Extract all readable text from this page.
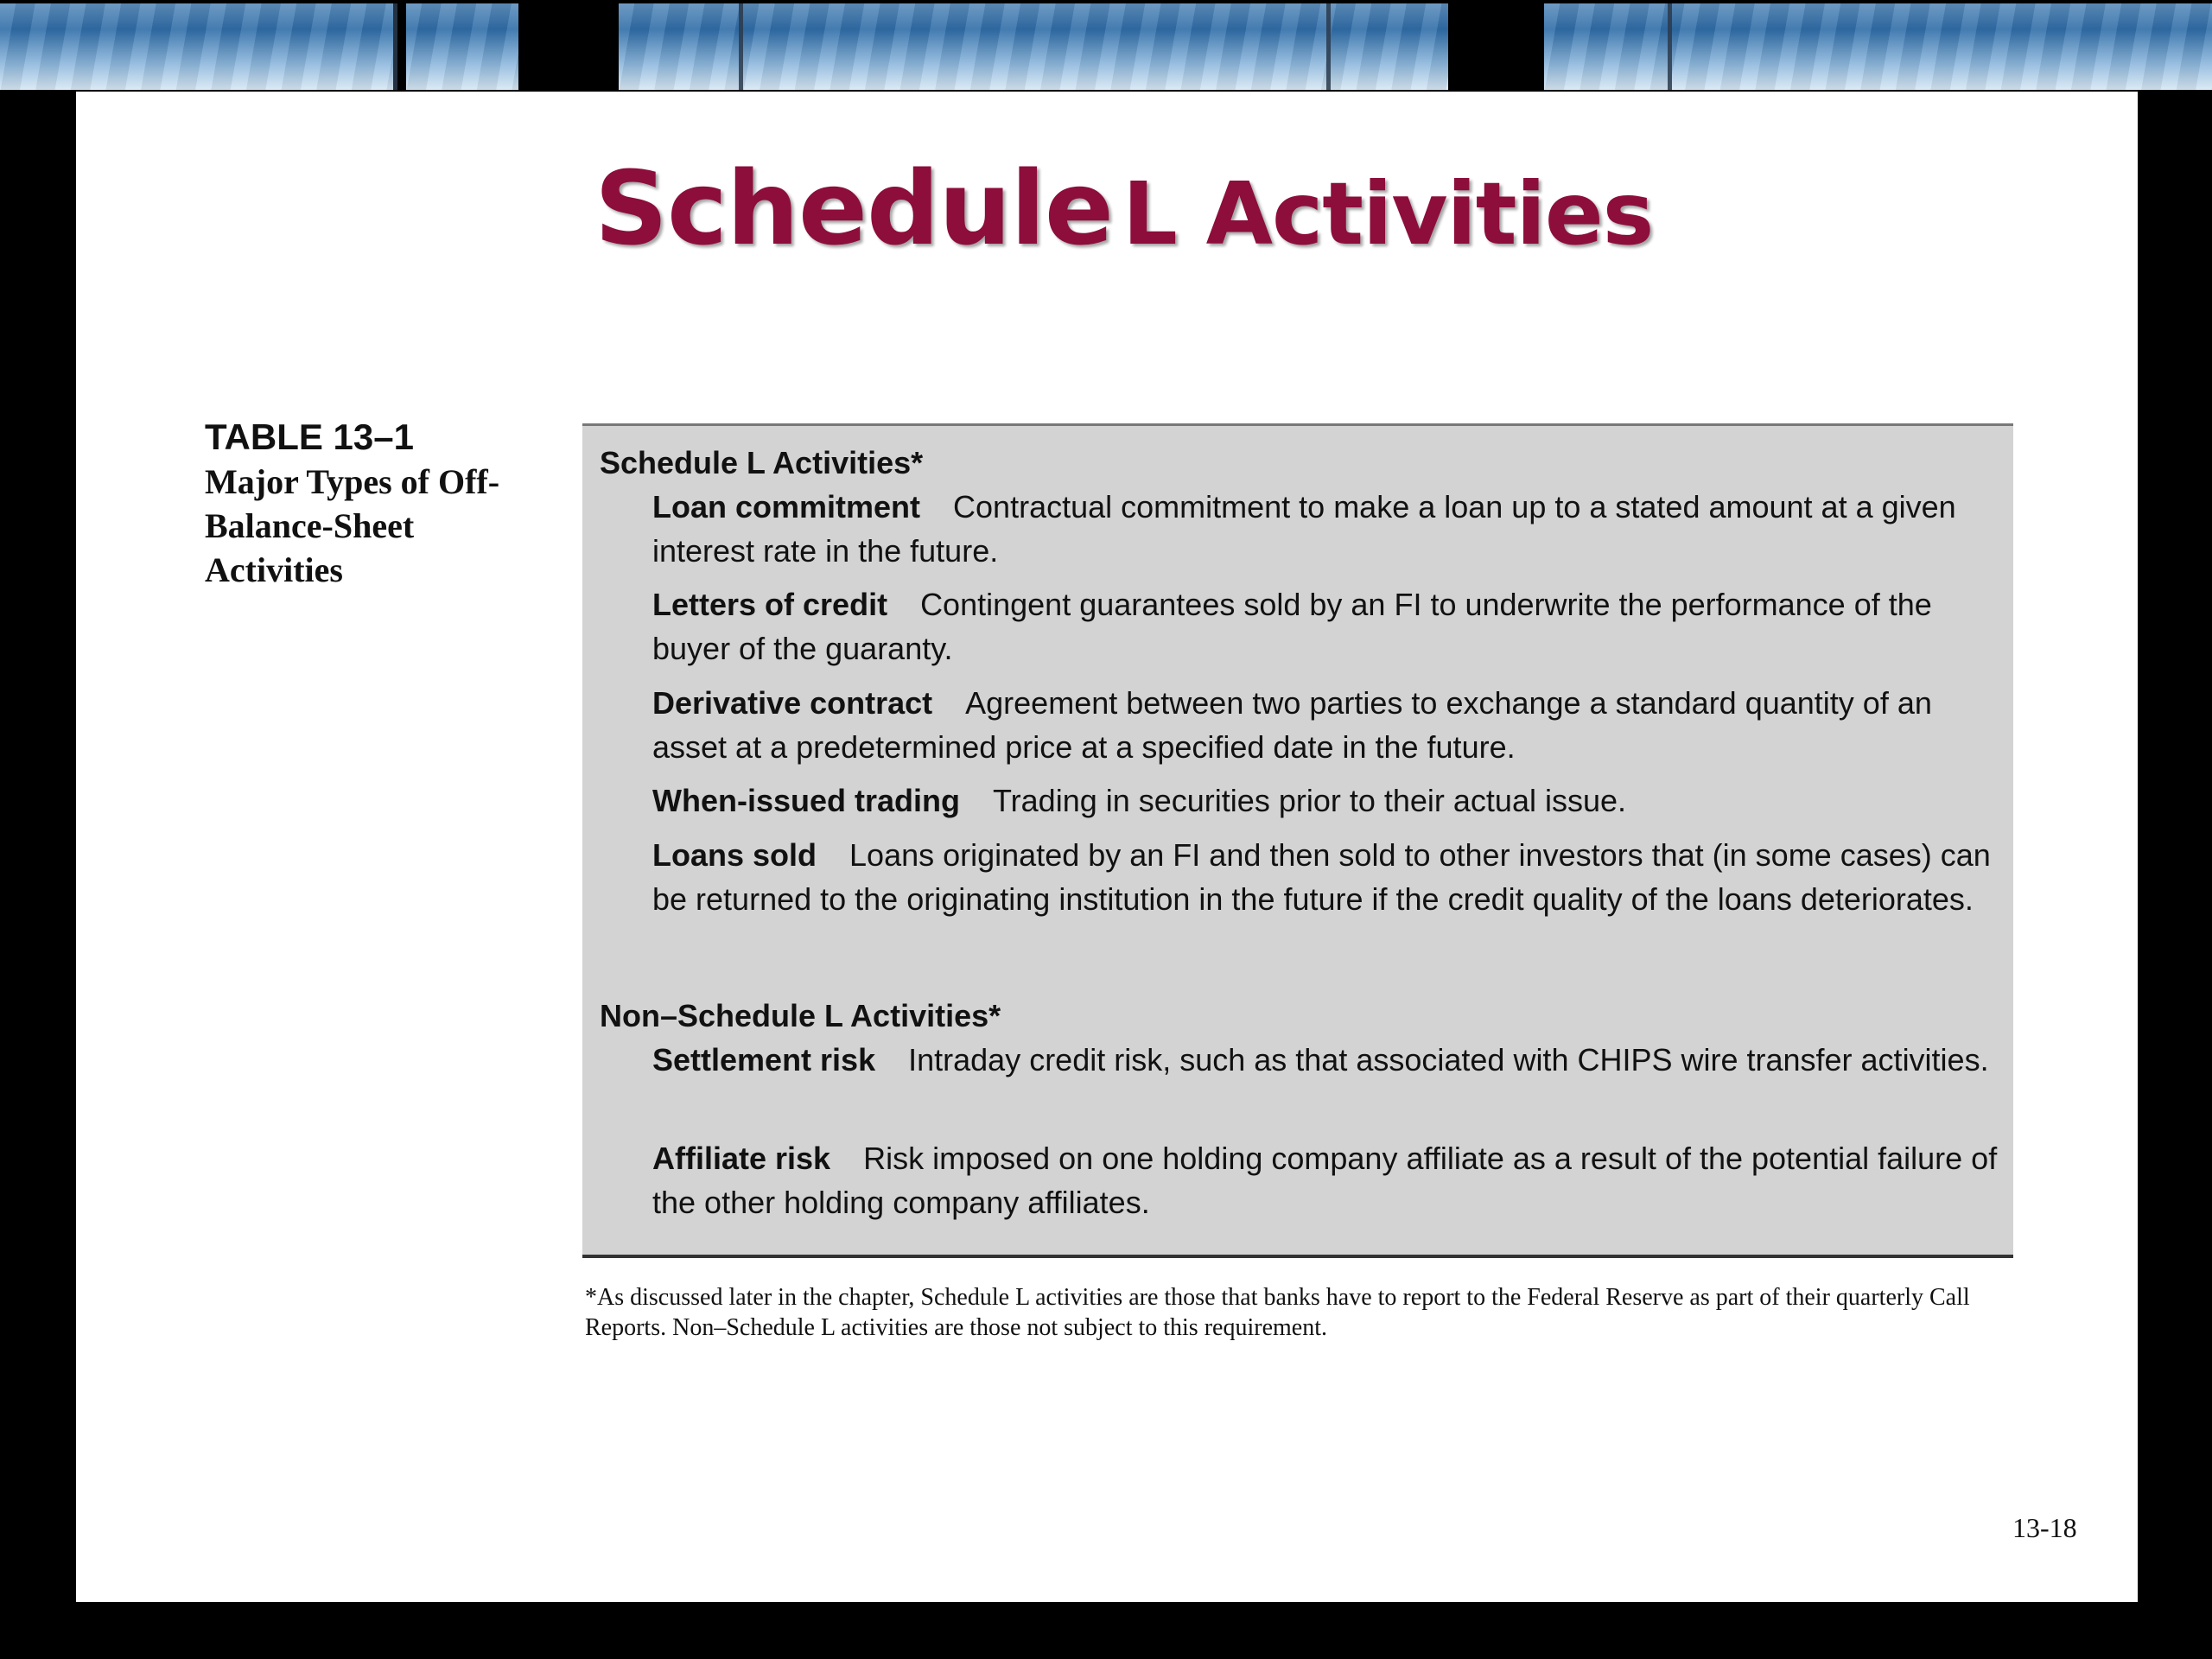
Schedule L Activities
TABLE 13–1
Major Types of Off-Balance-Sheet Activities
Schedule L Activities*
Loan commitment Contractual commitment to make a loan up to a stated amount at a given interest rate in the future.
Letters of credit Contingent guarantees sold by an FI to underwrite the performance of the buyer of the guaranty.
Derivative contract Agreement between two parties to exchange a standard quantity of an asset at a predetermined price at a specified date in the future.
When-issued trading Trading in securities prior to their actual issue.
Loans sold Loans originated by an FI and then sold to other investors that (in some cases) can be returned to the originating institution in the future if the credit quality of the loans deteriorates.
Non–Schedule L Activities*
Settlement risk Intraday credit risk, such as that associated with CHIPS wire transfer activities.
Affiliate risk Risk imposed on one holding company affiliate as a result of the potential failure of the other holding company affiliates.
*As discussed later in the chapter, Schedule L activities are those that banks have to report to the Federal Reserve as part of their quarterly Call Reports. Non–Schedule L activities are those not subject to this requirement.
13-18
